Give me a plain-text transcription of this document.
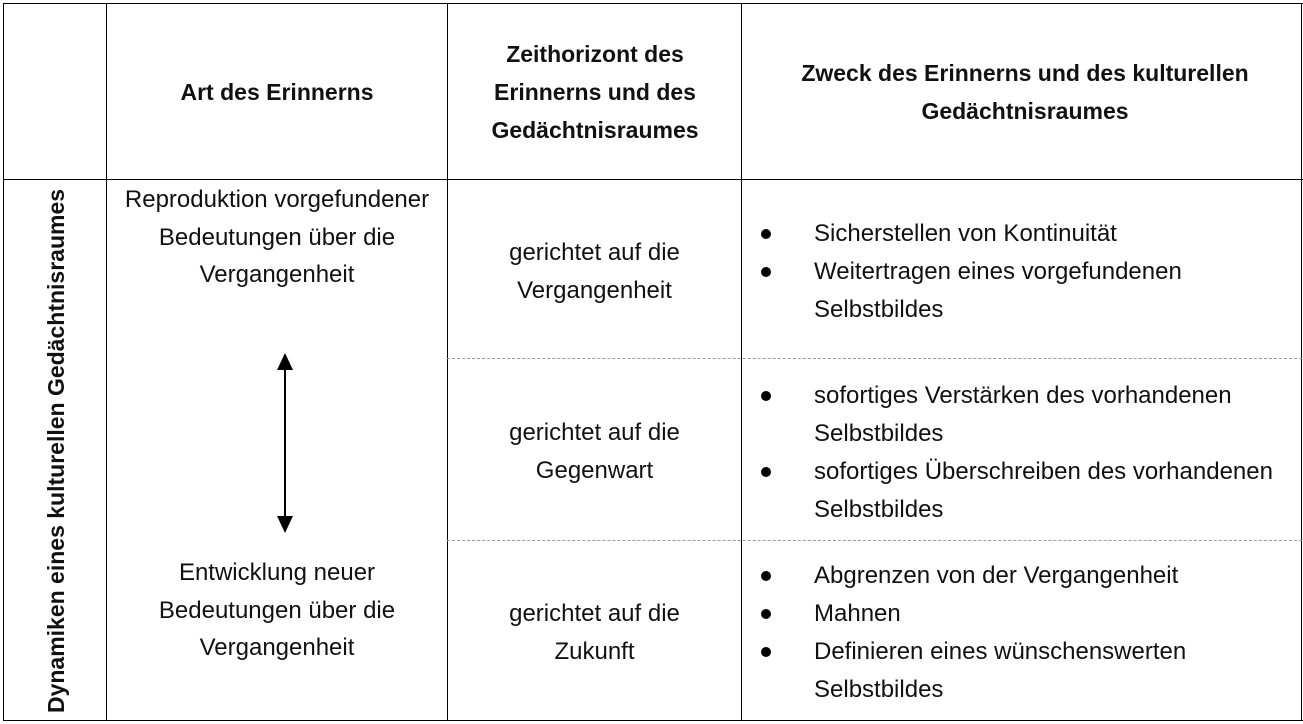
Art des Erinnerns
Zeithorizont des Erinnerns und des Gedächtnisraumes
Zweck des Erinnerns und des kulturellen Gedächtnisraumes
Dynamiken eines kulturellen Gedächtnisraumes	Reproduktion vorgefundener Bedeutungen über die Vergangenheit
Entwicklung neuer Bedeutungen über die Vergangenheit
gerichtet auf die Vergangenheit
gerichtet auf die Gegenwart
gerichtet auf die Zukunft
Sicherstellen von Kontinuität
Weitertragen eines vorgefundenen Selbstbildes
sofortiges Verstärken des vorhandenen Selbstbildes
sofortiges Überschreiben des vorhandenen Selbstbildes
Abgrenzen von der Vergangenheit
Mahnen
Definieren eines wünschenswerten Selbstbildes
